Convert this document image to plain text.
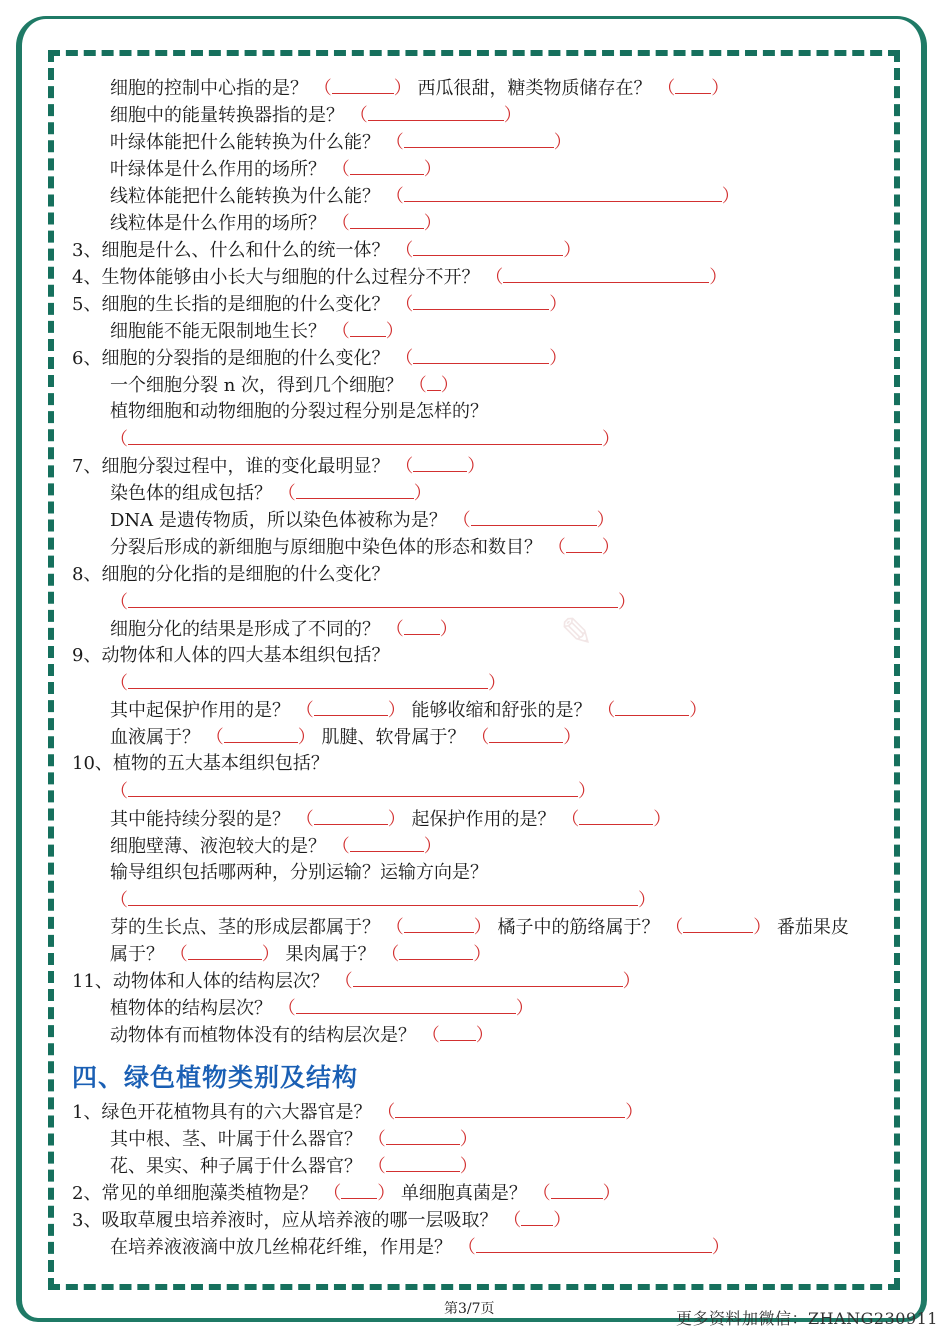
✎
细胞的控制中心指的是？ （	） 西瓜很甜，糖类物质储存在？ （ ）
细胞中的能量转换器指的是？ （	）
叶绿体能把什么能转换为什么能？ （	）
叶绿体是什么作用的场所？ （	）
线粒体能把什么能转换为什么能？ （	）
线粒体是什么作用的场所？ （	）
3、细胞是什么、什么和什么的统一体？ （	）
4、生物体能够由小长大与细胞的什么过程分不开？ （	）
5、细胞的生长指的是细胞的什么变化？ （	）
细胞能不能无限制地生长？ （ ）
6、细胞的分裂指的是细胞的什么变化？ （	）
一个细胞分裂 n 次，得到几个细胞？ （ ）
植物细胞和动物细胞的分裂过程分别是怎样的？
（	）
7、细胞分裂过程中，谁的变化最明显？ （	）
染色体的组成包括？ （	）
DNA 是遗传物质，所以染色体被称为是？ （	）
分裂后形成的新细胞与原细胞中染色体的形态和数目？ （ ）
8、细胞的分化指的是细胞的什么变化？
（	）
细胞分化的结果是形成了不同的？ （ ）
9、动物体和人体的四大基本组织包括？
（	）
其中起保护作用的是？ （	） 能够收缩和舒张的是？ （	）
血液属于？ （	） 肌腱、软骨属于？ （	）
10、植物的五大基本组织包括？
（	）
其中能持续分裂的是？ （	） 起保护作用的是？ （	）
细胞壁薄、液泡较大的是？ （	）
输导组织包括哪两种，分别运输？运输方向是？
（	）
芽的生长点、茎的形成层都属于？ （	） 橘子中的筋络属于？ （	） 番茄果皮
属于？ （	） 果肉属于？ （	）
11、动物体和人体的结构层次？ （	）
植物体的结构层次？ （	）
动物体有而植物体没有的结构层次是？ （ ）
四、绿色植物类别及结构
1、绿色开花植物具有的六大器官是？ （	）
其中根、茎、叶属于什么器官？ （	）
花、果实、种子属于什么器官？ （	）
2、常见的单细胞藻类植物是？ （ ） 单细胞真菌是？ （	）
3、吸取草履虫培养液时，应从培养液的哪一层吸取？ （ ）
在培养液液滴中放几丝棉花纤维，作用是？ （	）
第3/7页	更多资料加微信：ZHANG230911
